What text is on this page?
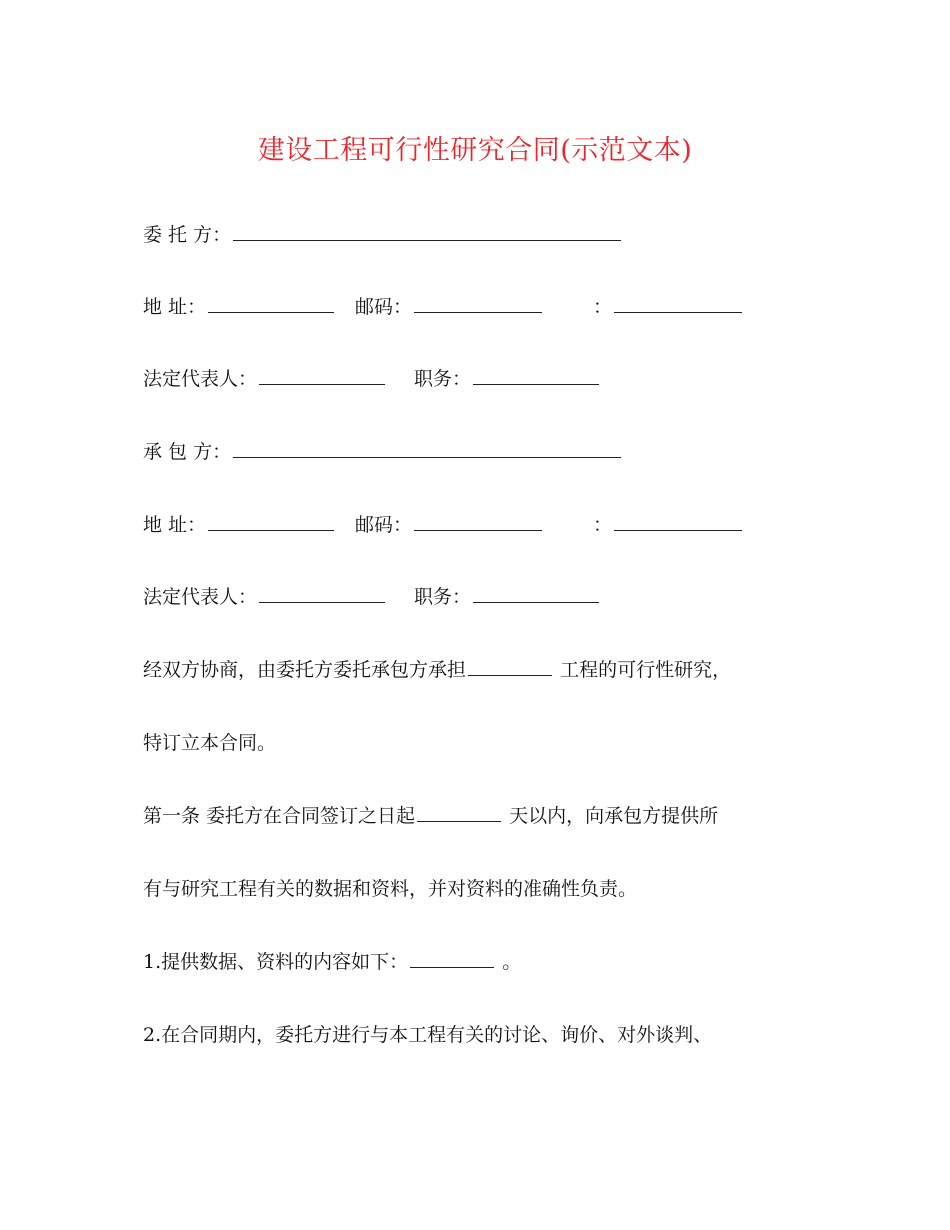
建设工程可行性研究合同(示范文本)
委 托 方：
地 址：	邮码：	：
法定代表人：	职务：
承 包 方：
地 址：	邮码：	：
法定代表人：	职务：
经双方协商，由委托方委托承包方承担	工程的可行性研究，
特订立本合同。
第一条 委托方在合同签订之日起	天以内，向承包方提供所
有与研究工程有关的数据和资料，并对资料的准确性负责。
1.提供数据、资料的内容如下：	。
2.在合同期内，委托方进行与本工程有关的讨论、询价、对外谈判、
